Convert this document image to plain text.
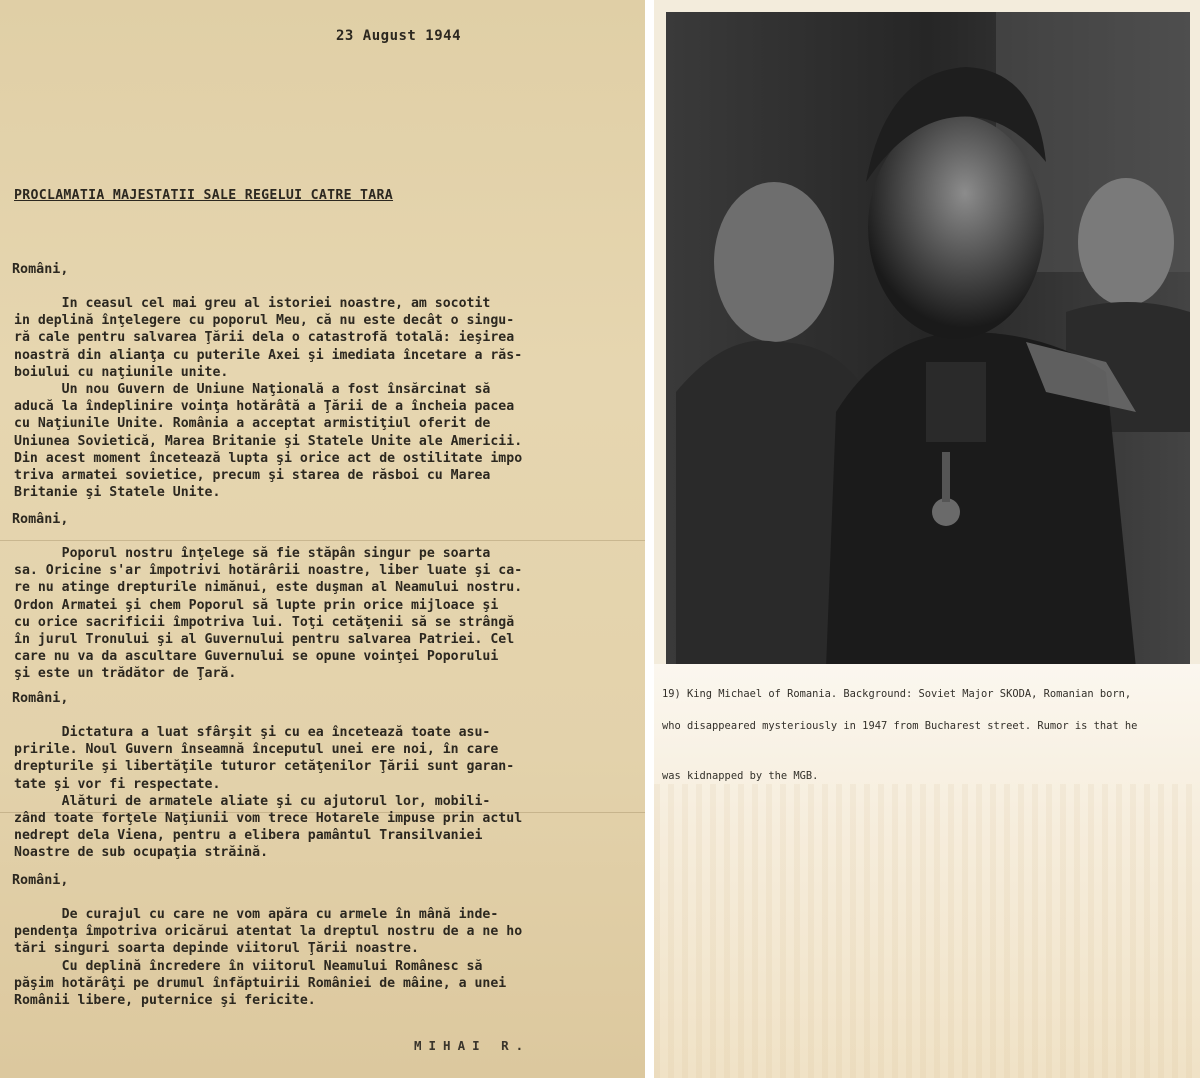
23 August 1944
PROCLAMATIA MAJESTATII SALE REGELUI CATRE TARA
Români,

In ceasul cel mai greu al istoriei noastre, am socotit
in deplină înţelegere cu poporul Meu, că nu este decât o singu-
ră cale pentru salvarea Ţării dela o catastrofă totală: ieşirea
noastră din alianţa cu puterile Axei şi imediata încetare a răs-
boiului cu naţiunile unite.
Un nou Guvern de Uniune Naţională a fost însărcinat să
aducă la îndeplinire voinţa hotărâtă a Ţării de a încheia pacea
cu Naţiunile Unite. România a acceptat armistiţiul oferit de
Uniunea Sovietică, Marea Britanie şi Statele Unite ale Americii.
Din acest moment încetează lupta şi orice act de ostilitate impo
triva armatei sovietice, precum şi starea de răsboi cu Marea
Britanie şi Statele Unite.

Români,

Poporul nostru înţelege să fie stăpân singur pe soarta
sa. Oricine s'ar împotrivi hotărârii noastre, liber luate şi ca-
re nu atinge drepturile nimănui, este duşman al Neamului nostru.
Ordon Armatei şi chem Poporul să lupte prin orice mijloace şi
cu orice sacrificii împotriva lui. Toţi cetăţenii să se strângă
în jurul Tronului şi al Guvernului pentru salvarea Patriei. Cel
care nu va da ascultare Guvernului se opune voinţei Poporului
şi este un trădător de Ţară.

Români,

Dictatura a luat sfârşit şi cu ea încetează toate asu-
pririle. Noul Guvern înseamnă începutul unei ere noi, în care
drepturile şi libertăţile tuturor cetăţenilor Ţării sunt garan-
tate şi vor fi respectate.
Alături de armatele aliate şi cu ajutorul lor, mobili-
zând toate forţele Naţiunii vom trece Hotarele impuse prin actul
nedrept dela Viena, pentru a elibera pamântul Transilvaniei
Noastre de sub ocupaţia străină.

Români,

De curajul cu care ne vom apăra cu armele în mână inde-
pendenţa împotriva oricărui atentat la dreptul nostru de a ne ho
tări singuri soarta depinde viitorul Ţării noastre.
Cu deplină încredere în viitorul Neamului Românesc să
păşim hotărâţi pe drumul înfăptuirii României de mâine, a unei
Românii libere, puternice şi fericite.

MIHAI R.
19) King Michael of Romania. Background: Soviet Major SKODA, Romanian born,
who disappeared mysteriously in 1947 from Bucharest street. Rumor is that he
was kidnapped by the MGB.
